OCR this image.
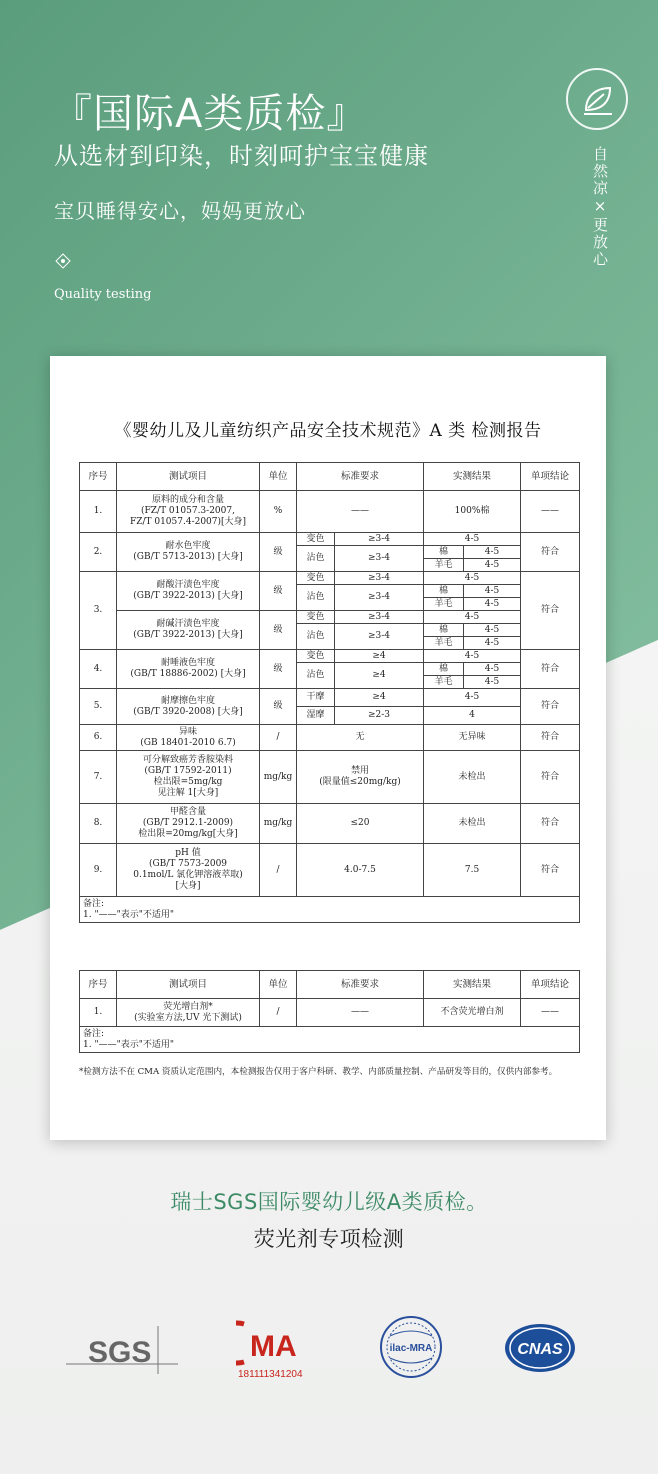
『国际A类质检』
从选材到印染，时刻呵护宝宝健康
宝贝睡得安心，妈妈更放心
Quality testing
自然凉×更放心
《婴幼儿及儿童纺织产品安全技术规范》A 类 检测报告
序号	测试项目	单位	标准要求		实测结果		单项结论
1.	原料的成分和含量
(FZ/T 01057.3-2007,
FZ/T 01057.4-2007)[大身]	%	——		100%棉		——
2.	耐水色牢度
(GB/T 5713-2013) [大身]	级	变色	≥3-4	4-5		符合
			沾色	≥3-4	棉	4-5	
					羊毛	4-5	
3.	耐酸汗渍色牢度
(GB/T 3922-2013) [大身]	级	变色	≥3-4	4-5		符合
			沾色	≥3-4	棉	4-5	
					羊毛	4-5	
	耐碱汗渍色牢度
(GB/T 3922-2013) [大身]	级	变色	≥3-4	4-5		
			沾色	≥3-4	棉	4-5	
					羊毛	4-5	
4.	耐唾液色牢度
(GB/T 18886-2002) [大身]	级	变色	≥4	4-5		符合
			沾色	≥4	棉	4-5	
					羊毛	4-5	
5.	耐摩擦色牢度
(GB/T 3920-2008) [大身]	级	干摩	≥4	4-5		符合
			湿摩	≥2-3	4		
6.	异味
(GB 18401-2010 6.7)	/	无		无异味		符合
7.	可分解致癌芳香胺染料
(GB/T 17592-2011)
检出限=5mg/kg
见注解 1[大身]	mg/kg	禁用
(限量值≤20mg/kg)		未检出		符合
8.	甲醛含量
(GB/T 2912.1-2009)
检出限=20mg/kg[大身]	mg/kg	≤20		未检出		符合
9.	pH 值
(GB/T 7573-2009
0.1mol/L 氯化钾溶液萃取)
[大身]	/	4.0-7.5		7.5		符合

备注:
1. "——"表示"不适用"							
序号	测试项目	单位	标准要求	实测结果	单项结论
1.	荧光增白剂*
(实验室方法,UV 光下测试)	/	——	不含荧光增白剂	——

备注:
1. "——"表示"不适用"					
*检测方法不在 CMA 资质认定范围内，本检测报告仅用于客户科研、教学、内部质量控制、产品研发等目的，仅供内部参考。
瑞士SGS国际婴幼儿级A类质检。
荧光剂专项检测
SGS	MA
181111341204
ilac-MRA	CNAS
